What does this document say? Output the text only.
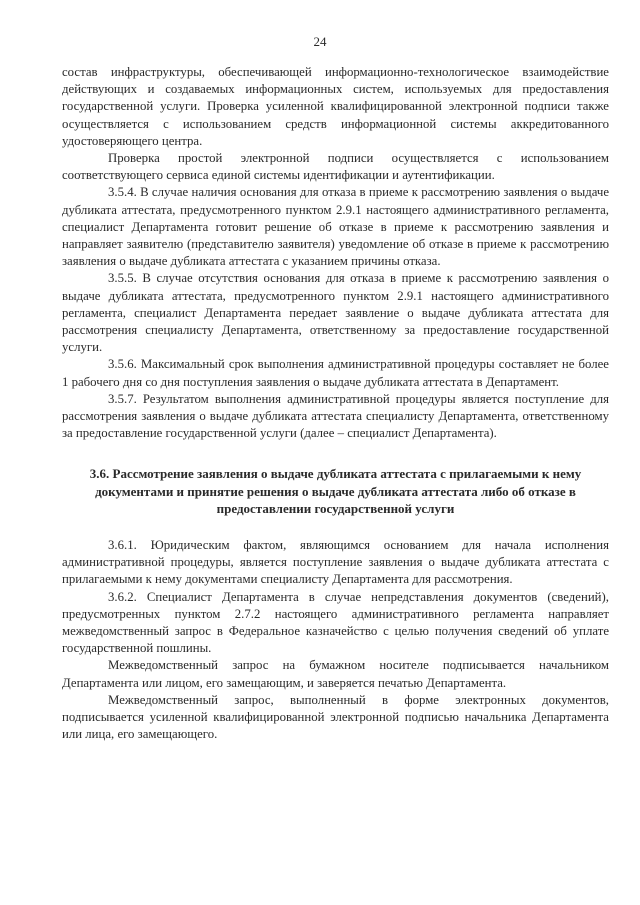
24

состав инфраструктуры, обеспечивающей информационно-технологическое взаимодействие действующих и создаваемых информационных систем, используемых для предоставления государственной услуги. Проверка усиленной квалифицированной электронной подписи также осуществляется с использованием средств информационной системы аккредитованного удостоверяющего центра.

Проверка простой электронной подписи осуществляется с использованием соответствующего сервиса единой системы идентификации и аутентификации.

3.5.4. В случае наличия основания для отказа в приеме к рассмотрению заявления о выдаче дубликата аттестата, предусмотренного пунктом 2.9.1 настоящего административного регламента, специалист Департамента готовит решение об отказе в приеме к рассмотрению заявления и направляет заявителю (представителю заявителя) уведомление об отказе в приеме к рассмотрению заявления о выдаче дубликата аттестата с указанием причины отказа.

3.5.5. В случае отсутствия основания для отказа в приеме к рассмотрению заявления о выдаче дубликата аттестата, предусмотренного пунктом 2.9.1 настоящего административного регламента, специалист Департамента передает заявление о выдаче дубликата аттестата для рассмотрения специалисту Департамента, ответственному за предоставление государственной услуги.

3.5.6. Максимальный срок выполнения административной процедуры составляет не более 1 рабочего дня со дня поступления заявления о выдаче дубликата аттестата в Департамент.

3.5.7. Результатом выполнения административной процедуры является поступление для рассмотрения заявления о выдаче дубликата аттестата специалисту Департамента, ответственному за предоставление государственной услуги (далее – специалист Департамента).

3.6. Рассмотрение заявления о выдаче дубликата аттестата с прилагаемыми к нему документами и принятие решения о выдаче дубликата аттестата либо об отказе в предоставлении государственной услуги

3.6.1. Юридическим фактом, являющимся основанием для начала исполнения административной процедуры, является поступление заявления о выдаче дубликата аттестата с прилагаемыми к нему документами специалисту Департамента для рассмотрения.

3.6.2. Специалист Департамента в случае непредставления документов (сведений), предусмотренных пунктом 2.7.2 настоящего административного регламента направляет межведомственный запрос в Федеральное казначейство с целью получения сведений об уплате государственной пошлины.

Межведомственный запрос на бумажном носителе подписывается начальником Департамента или лицом, его замещающим, и заверяется печатью Департамента.

Межведомственный запрос, выполненный в форме электронных документов, подписывается усиленной квалифицированной электронной подписью начальника Департамента или лица, его замещающего.
